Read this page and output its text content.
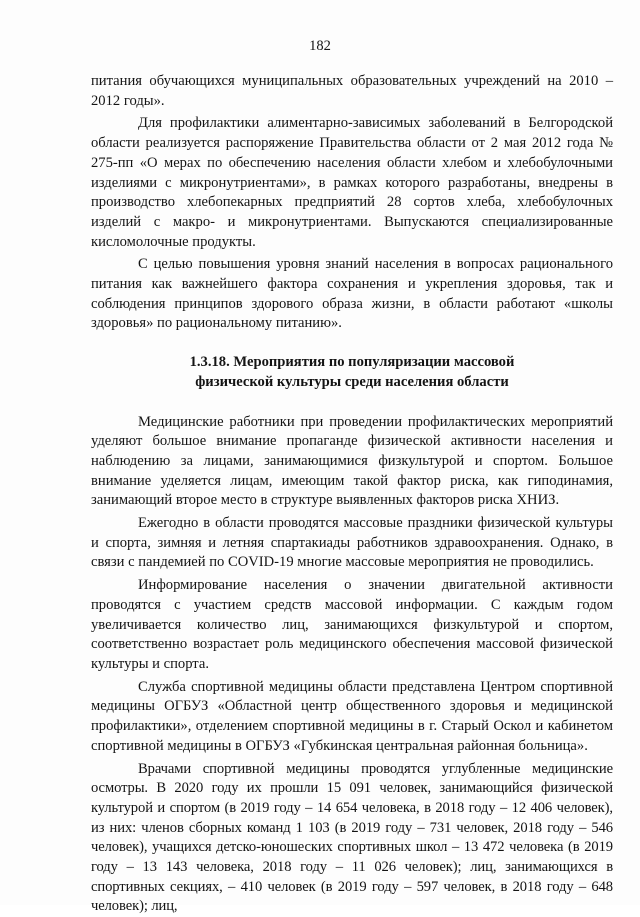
182

питания обучающихся муниципальных образовательных учреждений на 2010 – 2012 годы».

Для профилактики алиментарно-зависимых заболеваний в Белгородской области реализуется распоряжение Правительства области от 2 мая 2012 года № 275-пп «О мерах по обеспечению населения области хлебом и хлебобулочными изделиями с микронутриентами», в рамках которого разработаны, внедрены в производство хлебопекарных предприятий 28 сортов хлеба, хлебобулочных изделий с макро- и микронутриентами. Выпускаются специализированные кисломолочные продукты.

С целью повышения уровня знаний населения в вопросах рационального питания как важнейшего фактора сохранения и укрепления здоровья, так и соблюдения принципов здорового образа жизни, в области работают «школы здоровья» по рациональному питанию».

1.3.18. Мероприятия по популяризации массовой
физической культуры среди населения области

Медицинские работники при проведении профилактических мероприятий уделяют большое внимание пропаганде физической активности населения и наблюдению за лицами, занимающимися физкультурой и спортом. Большое внимание уделяется лицам, имеющим такой фактор риска, как гиподинамия, занимающий второе место в структуре выявленных факторов риска ХНИЗ.

Ежегодно в области проводятся массовые праздники физической культуры и спорта, зимняя и летняя спартакиады работников здравоохранения. Однако, в связи с пандемией по COVID-19 многие массовые мероприятия не проводились.

Информирование населения о значении двигательной активности проводятся с участием средств массовой информации. С каждым годом увеличивается количество лиц, занимающихся физкультурой и спортом, соответственно возрастает роль медицинского обеспечения массовой физической культуры и спорта.

Служба спортивной медицины области представлена Центром спортивной медицины ОГБУЗ «Областной центр общественного здоровья и медицинской профилактики», отделением спортивной медицины в г. Старый Оскол и кабинетом спортивной медицины в ОГБУЗ «Губкинская центральная районная больница».

Врачами спортивной медицины проводятся углубленные медицинские осмотры. В 2020 году их прошли 15 091 человек, занимающийся физической культурой и спортом (в 2019 году – 14 654 человека, в 2018 году – 12 406 человек), из них: членов сборных команд 1 103 (в 2019 году – 731 человек, 2018 году – 546 человек), учащихся детско-юношеских спортивных школ – 13 472 человека (в 2019 году – 13 143 человека, 2018 году – 11 026 человек); лиц, занимающихся в спортивных секциях, – 410 человек (в 2019 году – 597 человек, в 2018 году – 648 человек); лиц,
